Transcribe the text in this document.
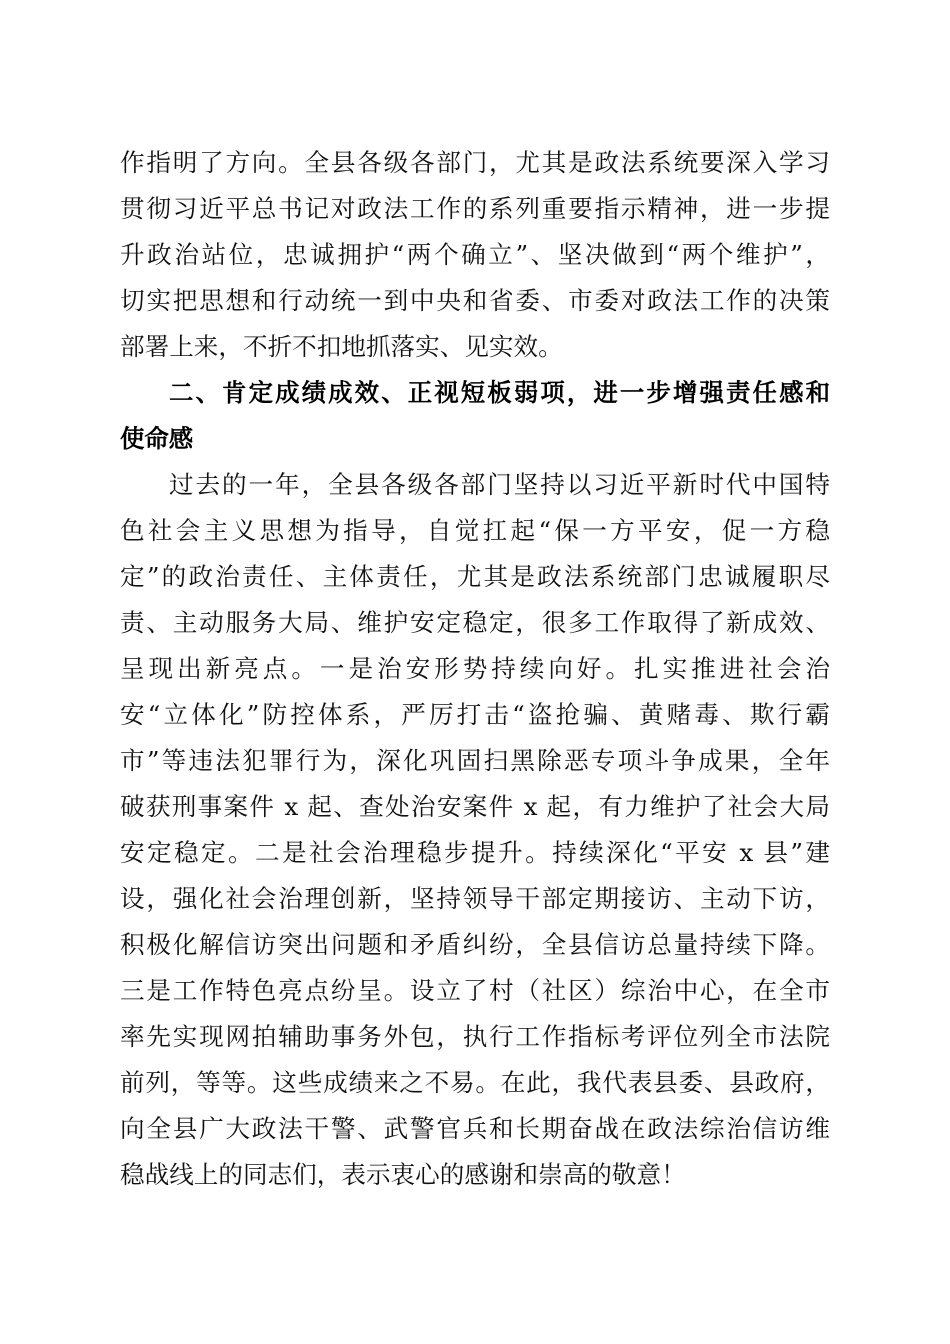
作指明了方向。全县各级各部门，尤其是政法系统要深入学习
贯彻习近平总书记对政法工作的系列重要指示精神，进一步提
升政治站位，忠诚拥护“两个确立”、坚决做到“两个维护”，
切实把思想和行动统一到中央和省委、市委对政法工作的决策
部署上来，不折不扣地抓落实、见实效。
二、肯定成绩成效、正视短板弱项，进一步增强责任感和
使命感
过去的一年，全县各级各部门坚持以习近平新时代中国特
色社会主义思想为指导，自觉扛起“保一方平安，促一方稳
定”的政治责任、主体责任，尤其是政法系统部门忠诚履职尽
责、主动服务大局、维护安定稳定，很多工作取得了新成效、
呈现出新亮点。一是治安形势持续向好。扎实推进社会治
安“立体化”防控体系，严厉打击“盗抢骗、黄赌毒、欺行霸
市”等违法犯罪行为，深化巩固扫黑除恶专项斗争成果，全年
破获刑事案件 x 起、查处治安案件 x 起，有力维护了社会大局
安定稳定。二是社会治理稳步提升。持续深化“平安 x 县”建
设，强化社会治理创新，坚持领导干部定期接访、主动下访，
积极化解信访突出问题和矛盾纠纷，全县信访总量持续下降。
三是工作特色亮点纷呈。设立了村（社区）综治中心，在全市
率先实现网拍辅助事务外包，执行工作指标考评位列全市法院
前列，等等。这些成绩来之不易。在此，我代表县委、县政府，
向全县广大政法干警、武警官兵和长期奋战在政法综治信访维
稳战线上的同志们，表示衷心的感谢和崇高的敬意！
